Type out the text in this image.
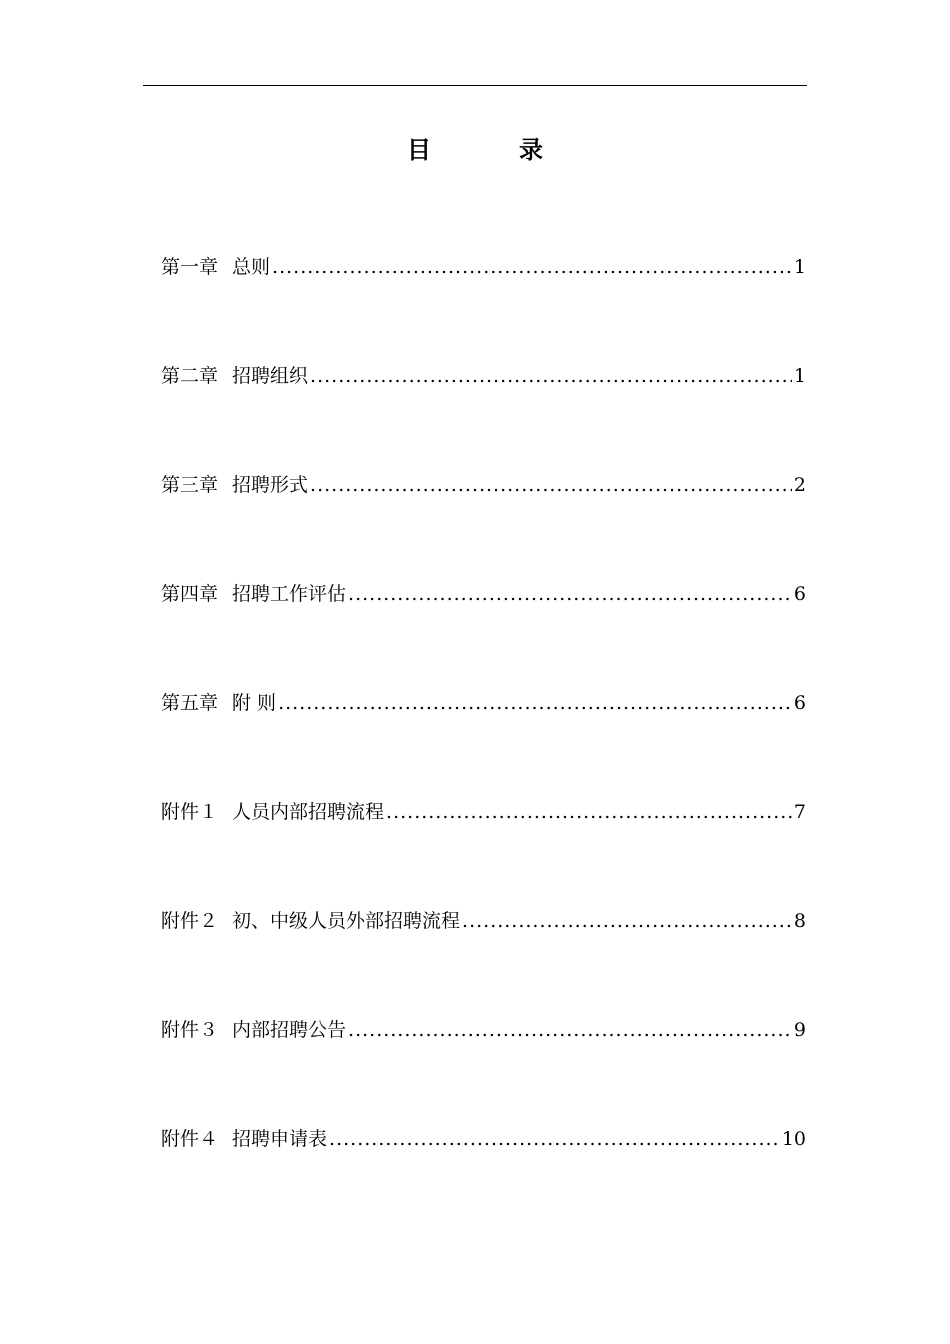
目　录
第一章 总则 .....	1
第二章 招聘组织 .....	1
第三章 招聘形式 .....	2
第四章 招聘工作评估 .....	6
第五章 附 则 .....	6
附件１ 人员内部招聘流程 .....	7
附件２ 初、中级人员外部招聘流程 .....	8
附件３ 内部招聘公告 .....	9
附件４ 招聘申请表 .....	10
